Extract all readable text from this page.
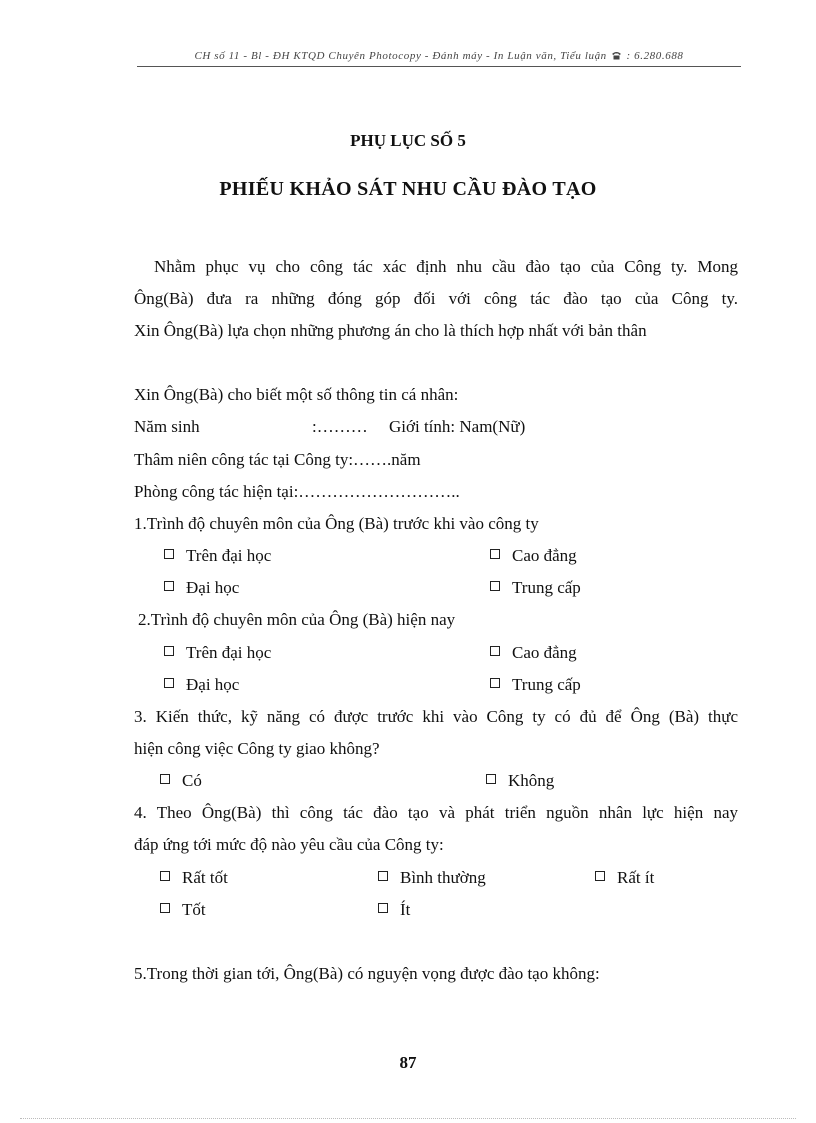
CH số 11 - Bl - ĐH KTQD Chuyên Photocopy - Đánh máy - In Luận văn, Tiểu luận : 6.280.688
PHỤ LỤC SỐ 5
PHIẾU KHẢO SÁT NHU CẦU ĐÀO TẠO
Nhằm phục vụ cho công tác xác định nhu cầu đào tạo của Công ty. Mong
Ông(Bà) đưa ra những đóng góp đối với công tác đào tạo của Công ty.
Xin Ông(Bà) lựa chọn những phương án cho là thích hợp nhất với bản thân
Xin Ông(Bà) cho biết một số thông tin cá nhân:
Năm sinh	:……… Giới tính: Nam(Nữ)
Thâm niên công tác tại Công ty:…….năm
Phòng công tác hiện tại:………………………..
1.Trình độ chuyên môn của Ông (Bà) trước khi vào công ty
Trên đại học	Cao đẳng
Đại học	Trung cấp
2.Trình độ chuyên môn của Ông (Bà) hiện nay
Trên đại học	Cao đẳng
Đại học	Trung cấp
3. Kiến thức, kỹ năng có được trước khi vào Công ty có đủ để Ông (Bà) thực
hiện công việc Công ty giao không?
Có	Không
4. Theo Ông(Bà) thì công tác đào tạo và phát triển nguồn nhân lực hiện nay
đáp ứng tới mức độ nào yêu cầu của Công ty:
Rất tốt	Bình thường	Rất ít
Tốt	Ít
5.Trong thời gian tới, Ông(Bà) có nguyện vọng được đào tạo không:
87
